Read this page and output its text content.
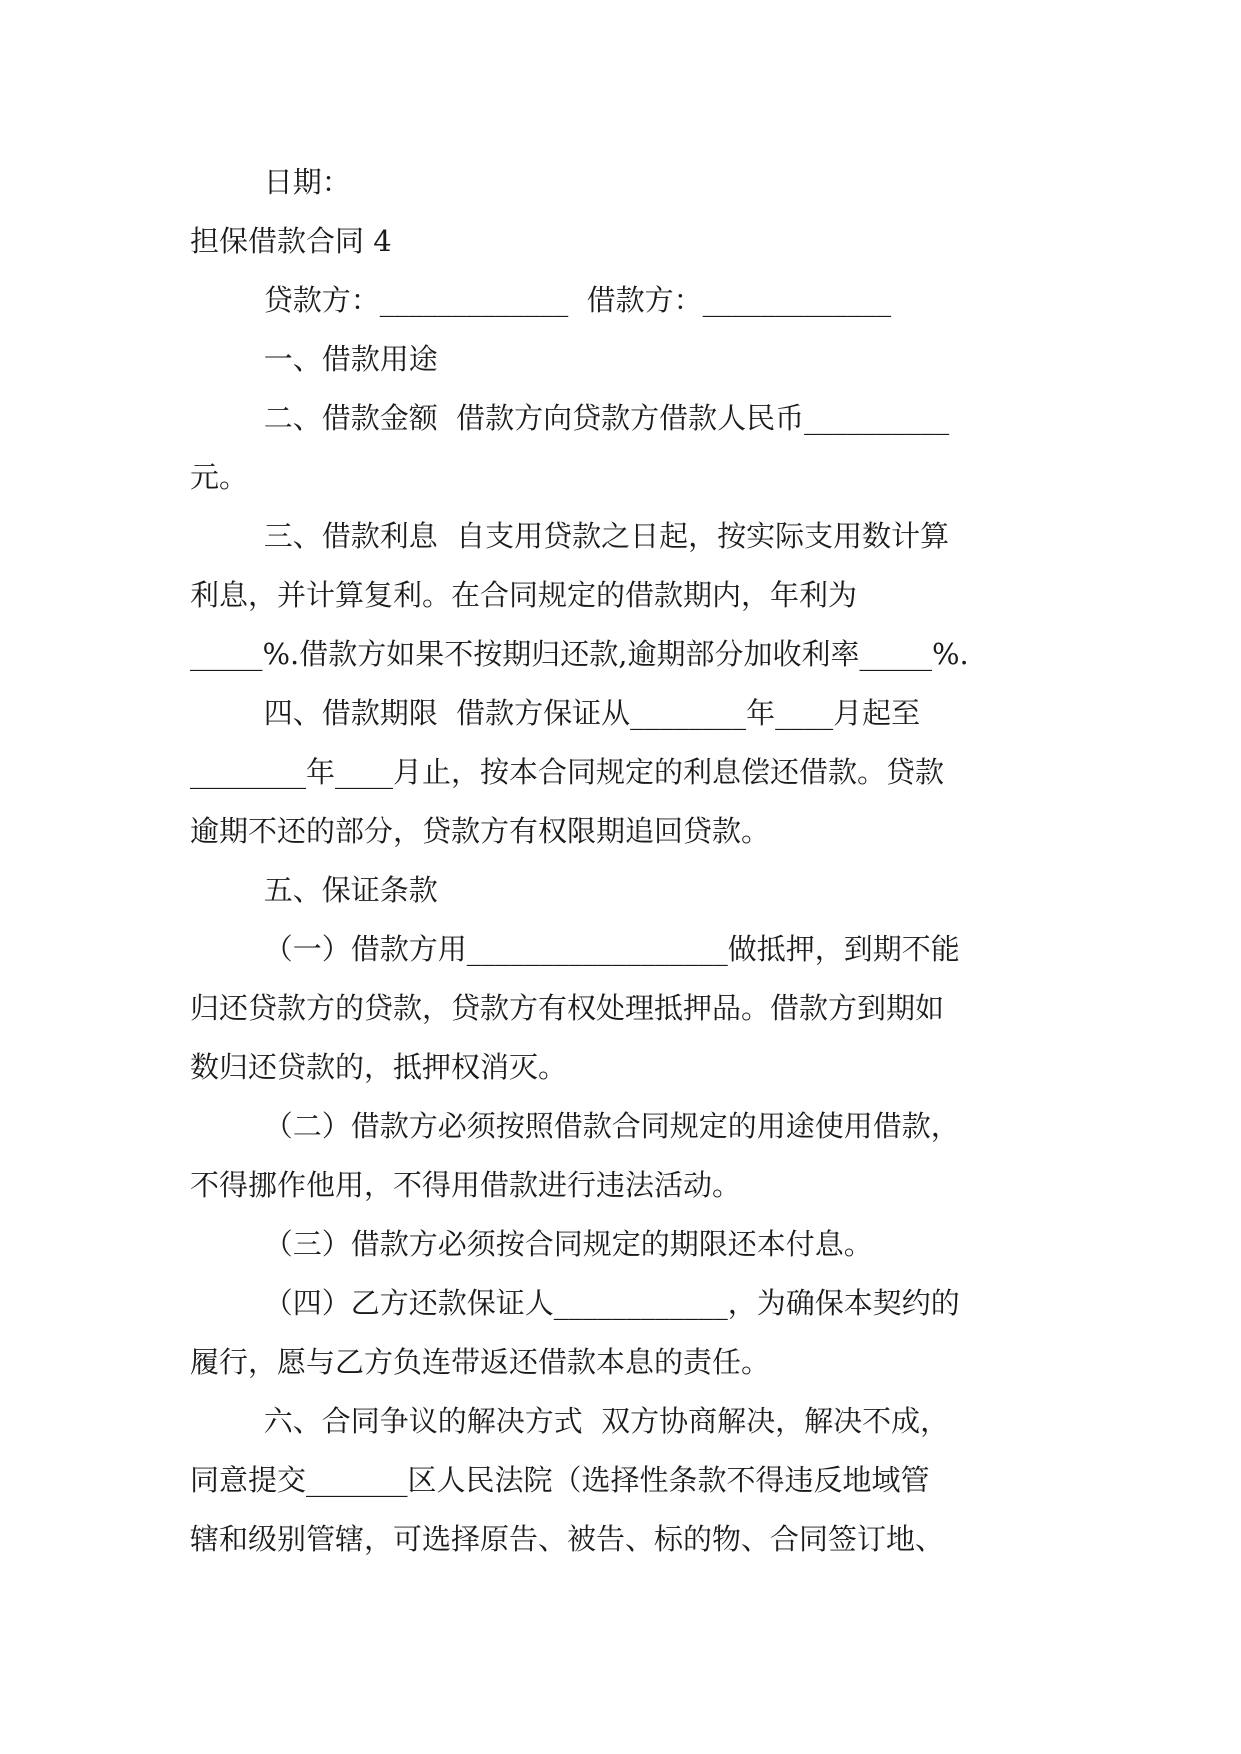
日期：

担保借款合同 4

贷款方：_____________  借款方：_____________

一、借款用途

二、借款金额  借款方向贷款方借款人民币__________

元。

三、借款利息  自支用贷款之日起，按实际支用数计算

利息，并计算复利。在合同规定的借款期内，年利为

_____%.借款方如果不按期归还款,逾期部分加收利率_____%.

四、借款期限  借款方保证从________年____月起至

________年____月止，按本合同规定的利息偿还借款。贷款

逾期不还的部分，贷款方有权限期追回贷款。

五、保证条款

（一）借款方用__________________做抵押，到期不能

归还贷款方的贷款，贷款方有权处理抵押品。借款方到期如

数归还贷款的，抵押权消灭。

（二）借款方必须按照借款合同规定的用途使用借款，

不得挪作他用，不得用借款进行违法活动。

（三）借款方必须按合同规定的期限还本付息。

（四）乙方还款保证人____________，为确保本契约的

履行，愿与乙方负连带返还借款本息的责任。

六、合同争议的解决方式  双方协商解决，解决不成，

同意提交_______区人民法院（选择性条款不得违反地域管

辖和级别管辖，可选择原告、被告、标的物、合同签订地、
